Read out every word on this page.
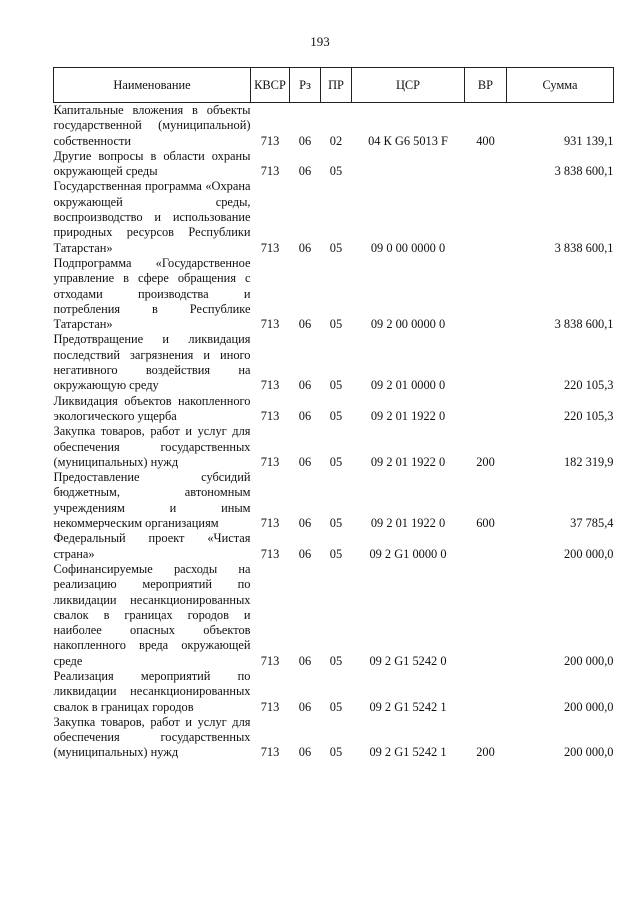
193
Наименование	КВСР	Рз	ПР	ЦСР	ВР	Сумма
Капитальные вложения в объекты государственной (муниципальной) собственности	713	06	02	04 К G6 5013 F	400	931 139,1
Другие вопросы в области охраны окружающей среды	713	06	05			3 838 600,1
Государственная программа «Охрана окружающей среды, воспроизводство и использование природных ресурсов Республики Татарстан»	713	06	05	09 0 00 0000 0		3 838 600,1
Подпрограмма «Государственное управление в сфере обращения с отходами производства и потребления в Республике Татарстан»	713	06	05	09 2 00 0000 0		3 838 600,1
Предотвращение и ликвидация последствий загрязнения и иного негативного воздействия на окружающую среду	713	06	05	09 2 01 0000 0		220 105,3
Ликвидация объектов накопленного экологического ущерба	713	06	05	09 2 01 1922 0		220 105,3
Закупка товаров, работ и услуг для обеспечения государственных (муниципальных) нужд	713	06	05	09 2 01 1922 0	200	182 319,9
Предоставление субсидий бюджетным, автономным учреждениям и иным некоммерческим организациям	713	06	05	09 2 01 1922 0	600	37 785,4
Федеральный проект «Чистая страна»	713	06	05	09 2 G1 0000 0		200 000,0
Софинансируемые расходы на реализацию мероприятий по ликвидации несанкционированных свалок в границах городов и наиболее опасных объектов накопленного вреда окружающей среде	713	06	05	09 2 G1 5242 0		200 000,0
Реализация мероприятий по ликвидации несанкционированных свалок в границах городов	713	06	05	09 2 G1 5242 1		200 000,0
Закупка товаров, работ и услуг для обеспечения государственных (муниципальных) нужд	713	06	05	09 2 G1 5242 1	200	200 000,0
